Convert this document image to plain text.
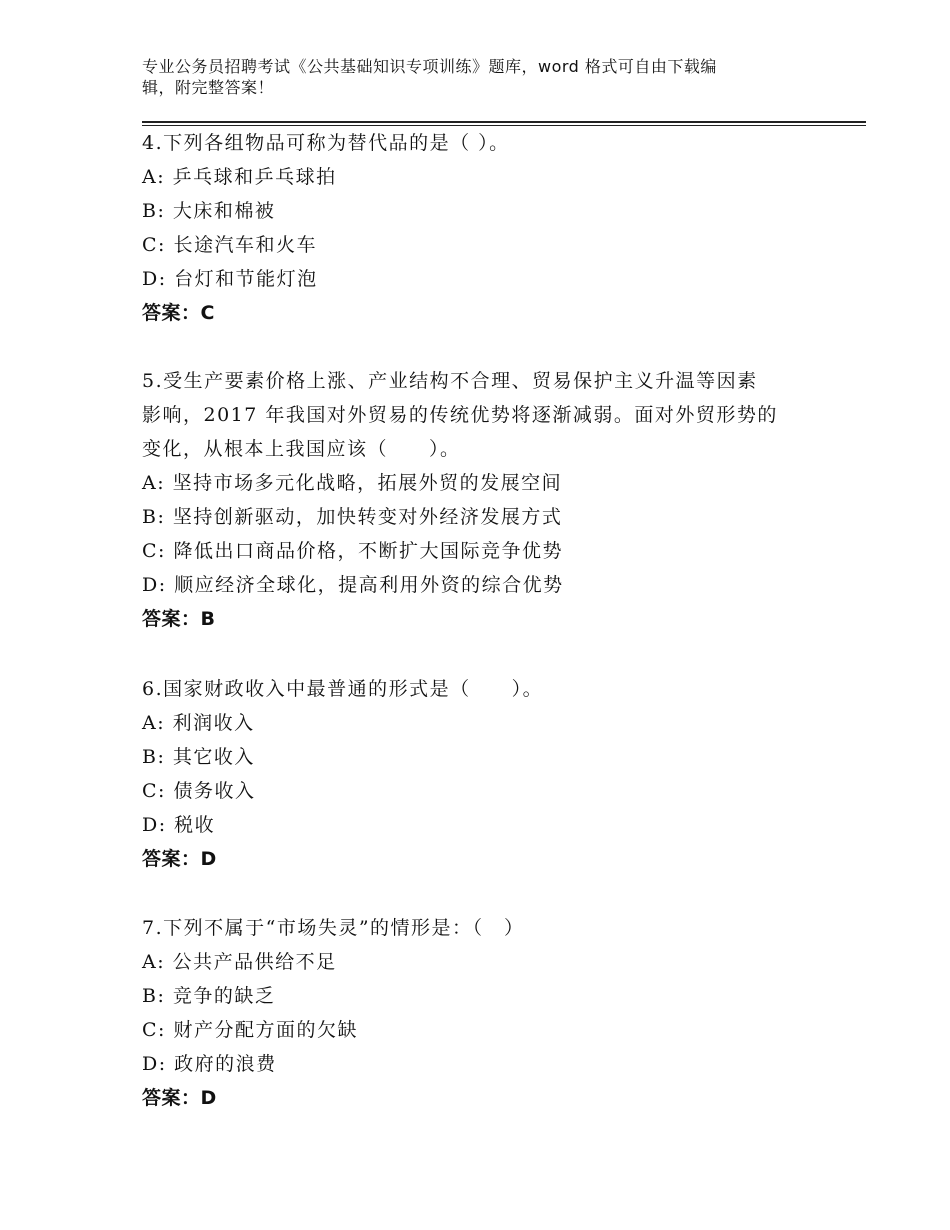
专业公务员招聘考试《公共基础知识专项训练》题库，word 格式可自由下载编
辑，附完整答案！
4.下列各组物品可称为替代品的是（ ）。
A: 乒乓球和乒乓球拍
B: 大床和棉被
C: 长途汽车和火车
D: 台灯和节能灯泡
答案：C
5.受生产要素价格上涨、产业结构不合理、贸易保护主义升温等因素
影响，2017 年我国对外贸易的传统优势将逐渐减弱。面对外贸形势的
变化，从根本上我国应该（　　）。
A: 坚持市场多元化战略，拓展外贸的发展空间
B: 坚持创新驱动，加快转变对外经济发展方式
C: 降低出口商品价格，不断扩大国际竞争优势
D: 顺应经济全球化，提高利用外资的综合优势
答案：B
6.国家财政收入中最普通的形式是（　　）。
A: 利润收入
B: 其它收入
C: 债务收入
D: 税收
答案：D
7.下列不属于“市场失灵”的情形是：（　）
A: 公共产品供给不足
B: 竞争的缺乏
C: 财产分配方面的欠缺
D: 政府的浪费
答案：D
